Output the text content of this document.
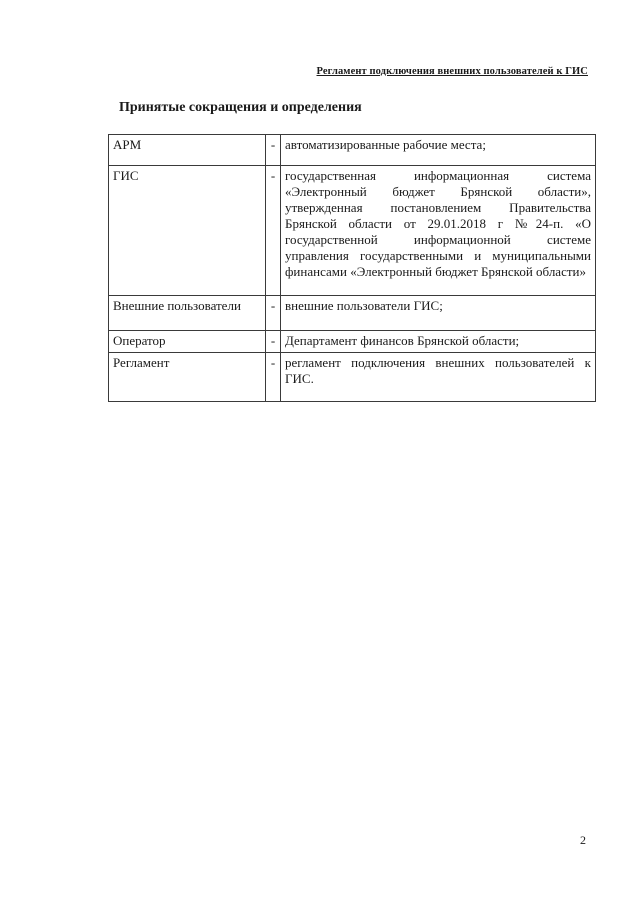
Регламент подключения внешних пользователей к ГИС
Принятые сокращения и определения
АРМ	-	автоматизированные рабочие места;
ГИС	-	государственная информационная система «Электронный бюджет Брянской области», утвержденная постановлением Правительства Брянской области от 29.01.2018 г №24-п. «О государственной информационной системе управления государственными и муниципальными финансами «Электронный бюджет Брянской области»
Внешние пользователи	-	внешние пользователи ГИС;
Оператор	-	Департамент финансов Брянской области;
Регламент	-	регламент подключения внешних пользователей к ГИС.
2
